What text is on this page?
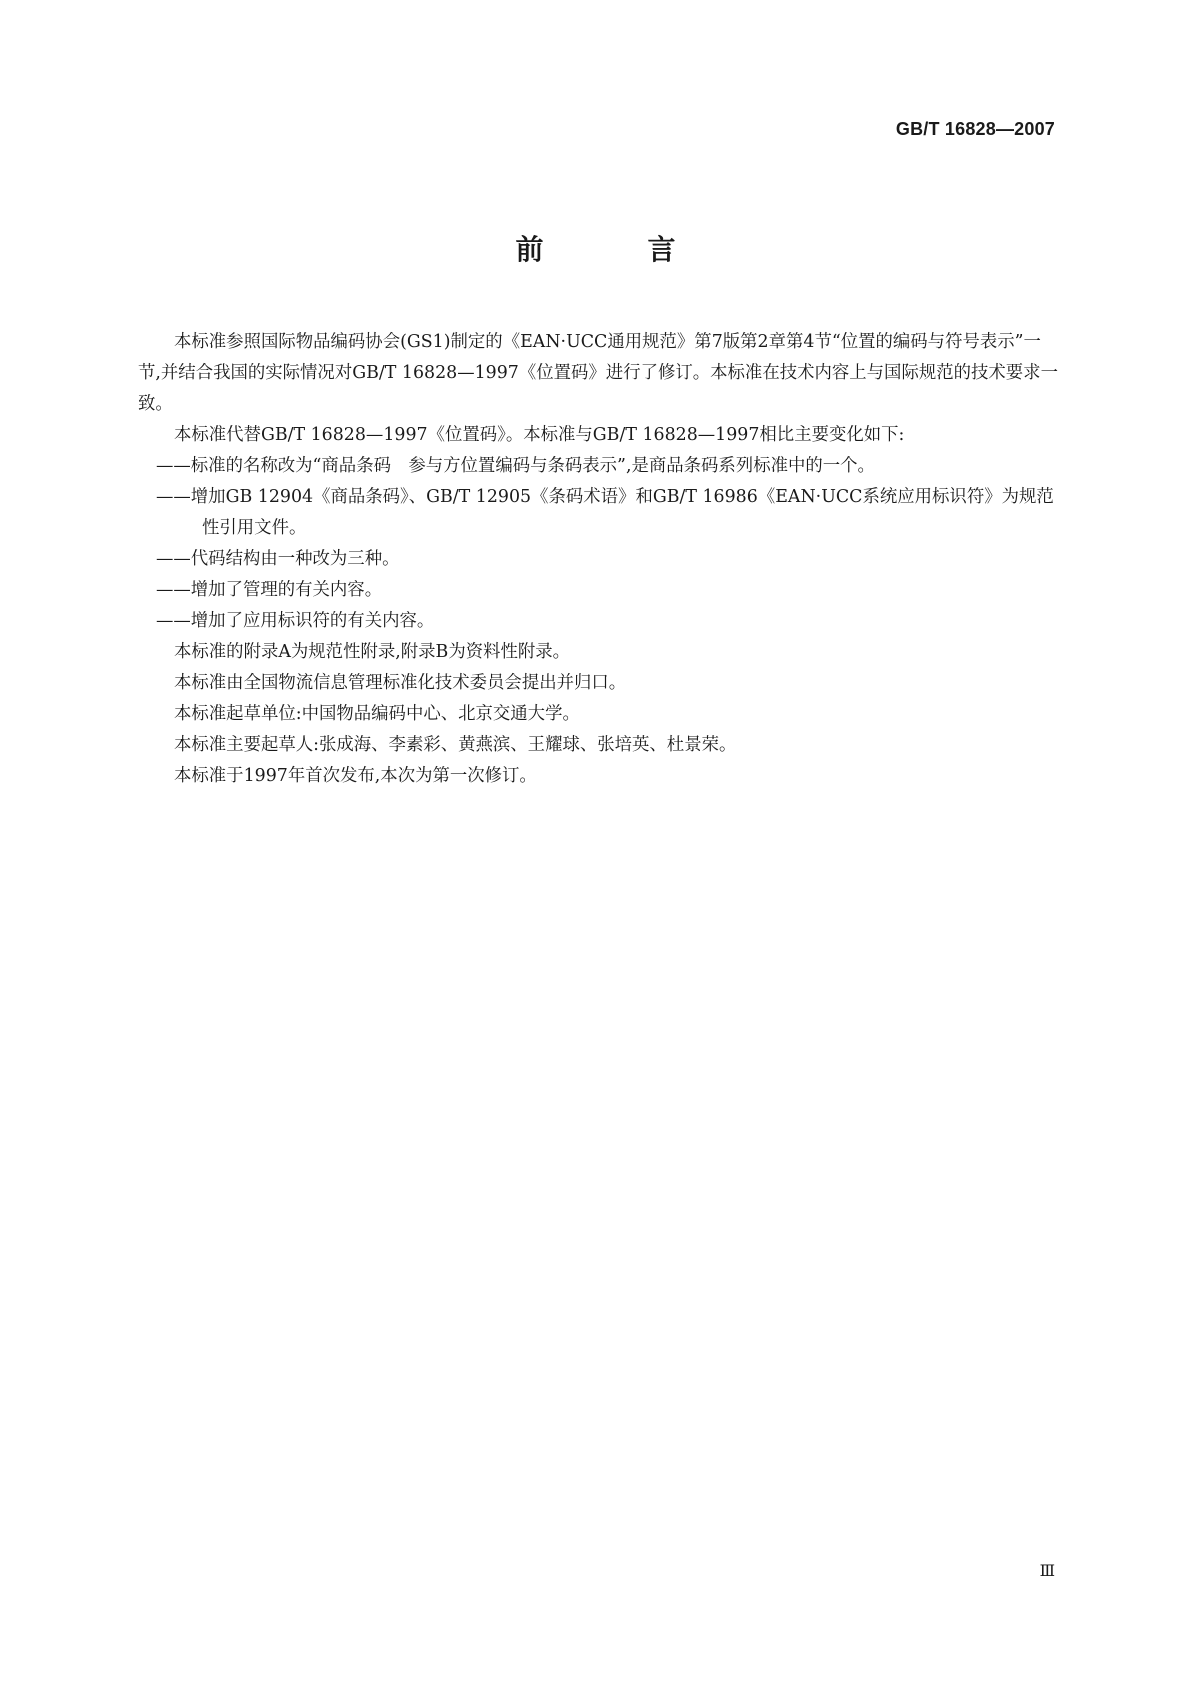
GB/T 16828—2007
前　言

本标准参照国际物品编码协会(GS1)制定的《EAN·UCC通用规范》第7版第2章第4节“位置的编码与符号表示”一节,并结合我国的实际情况对GB/T 16828—1997《位置码》进行了修订。本标准在技术内容上与国际规范的技术要求一致。

本标准代替GB/T 16828—1997《位置码》。本标准与GB/T 16828—1997相比主要变化如下:

——标准的名称改为“商品条码　参与方位置编码与条码表示”,是商品条码系列标准中的一个。

——增加GB 12904《商品条码》、GB/T 12905《条码术语》和GB/T 16986《EAN·UCC系统应用标识符》为规范性引用文件。

——代码结构由一种改为三种。

——增加了管理的有关内容。

——增加了应用标识符的有关内容。

本标准的附录A为规范性附录,附录B为资料性附录。

本标准由全国物流信息管理标准化技术委员会提出并归口。

本标准起草单位:中国物品编码中心、北京交通大学。

本标准主要起草人:张成海、李素彩、黄燕滨、王耀球、张培英、杜景荣。

本标准于1997年首次发布,本次为第一次修订。

Ⅲ
